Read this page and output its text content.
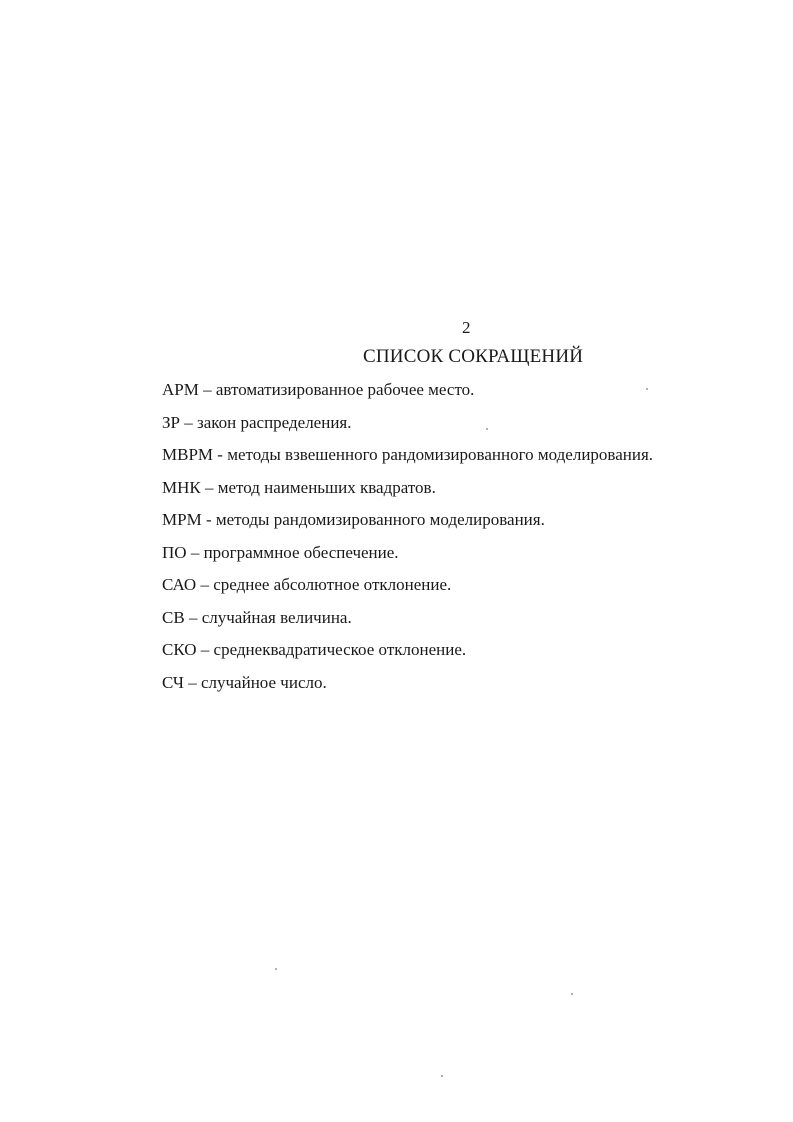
2
СПИСОК СОКРАЩЕНИЙ
АРМ – автоматизированное рабочее место.
ЗР – закон распределения.
МВРМ - методы взвешенного рандомизированного моделирования.
МНК – метод наименьших квадратов.
МРМ - методы рандомизированного моделирования.
ПО – программное обеспечение.
САО – среднее абсолютное отклонение.
СВ – случайная величина.
СКО – среднеквадратическое отклонение.
СЧ – случайное число.
